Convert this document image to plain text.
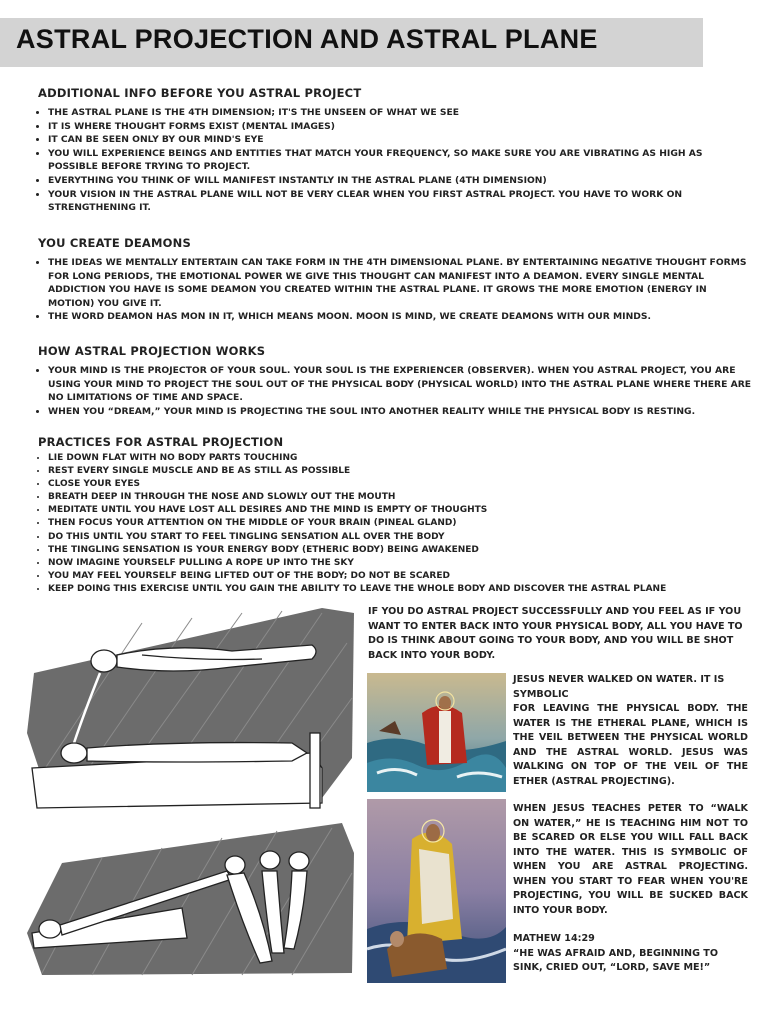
ASTRAL PROJECTION AND ASTRAL PLANE
ADDITIONAL INFO BEFORE YOU ASTRAL PROJECT
• THE ASTRAL PLANE IS THE 4TH DIMENSION; IT'S THE UNSEEN OF WHAT WE SEE
• IT IS WHERE THOUGHT FORMS EXIST (MENTAL IMAGES)
• IT CAN BE SEEN ONLY BY OUR MIND'S EYE
• YOU WILL EXPERIENCE BEINGS AND ENTITIES THAT MATCH YOUR FREQUENCY, SO MAKE SURE YOU ARE VIBRATING AS HIGH AS POSSIBLE BEFORE TRYING TO PROJECT.
• EVERYTHING YOU THINK OF WILL MANIFEST INSTANTLY IN THE ASTRAL PLANE (4TH DIMENSION)
• YOUR VISION IN THE ASTRAL PLANE WILL NOT BE VERY CLEAR WHEN YOU FIRST ASTRAL PROJECT. YOU HAVE TO WORK ON STRENGTHENING IT.
YOU CREATE DEAMONS
• THE IDEAS WE MENTALLY ENTERTAIN CAN TAKE FORM IN THE 4TH DIMENSIONAL PLANE. BY ENTERTAINING NEGATIVE THOUGHT FORMS FOR LONG PERIODS, THE EMOTIONAL POWER WE GIVE THIS THOUGHT CAN MANIFEST INTO A DEAMON. EVERY SINGLE MENTAL ADDICTION YOU HAVE IS SOME DEAMON YOU CREATED WITHIN THE ASTRAL PLANE. IT GROWS THE MORE EMOTION (ENERGY IN MOTION) YOU GIVE IT.
• THE WORD DEAMON HAS MON IN IT, WHICH MEANS MOON. MOON IS MIND, WE CREATE DEAMONS WITH OUR MINDS.
HOW ASTRAL PROJECTION WORKS
• YOUR MIND IS THE PROJECTOR OF YOUR SOUL. YOUR SOUL IS THE EXPERIENCER (OBSERVER). WHEN YOU ASTRAL PROJECT, YOU ARE USING YOUR MIND TO PROJECT THE SOUL OUT OF THE PHYSICAL BODY (PHYSICAL WORLD) INTO THE ASTRAL PLANE WHERE THERE ARE NO LIMITATIONS OF TIME AND SPACE.
• WHEN YOU “DREAM,” YOUR MIND IS PROJECTING THE SOUL INTO ANOTHER REALITY WHILE THE PHYSICAL BODY IS RESTING.
PRACTICES FOR ASTRAL PROJECTION
• LIE DOWN FLAT WITH NO BODY PARTS TOUCHING
• REST EVERY SINGLE MUSCLE AND BE AS STILL AS POSSIBLE
• CLOSE YOUR EYES
• BREATH DEEP IN THROUGH THE NOSE AND SLOWLY OUT THE MOUTH
• MEDITATE UNTIL YOU HAVE LOST ALL DESIRES AND THE MIND IS EMPTY OF THOUGHTS
• THEN FOCUS YOUR ATTENTION ON THE MIDDLE OF YOUR BRAIN (PINEAL GLAND)
• DO THIS UNTIL YOU START TO FEEL TINGLING SENSATION ALL OVER THE BODY
• THE TINGLING SENSATION IS YOUR ENERGY BODY (ETHERIC BODY) BEING AWAKENED
• NOW IMAGINE YOURSELF PULLING A ROPE UP INTO THE SKY
• YOU MAY FEEL YOURSELF BEING LIFTED OUT OF THE BODY; DO NOT BE SCARED
• KEEP DOING THIS EXERCISE UNTIL YOU GAIN THE ABILITY TO LEAVE THE WHOLE BODY AND DISCOVER THE ASTRAL PLANE

IF YOU DO ASTRAL PROJECT SUCCESSFULLY AND YOU FEEL AS IF YOU WANT TO ENTER BACK INTO YOUR PHYSICAL BODY, ALL YOU HAVE TO DO IS THINK ABOUT GOING TO YOUR BODY, AND YOU WILL BE SHOT BACK INTO YOUR BODY.

JESUS NEVER WALKED ON WATER. IT IS SYMBOLIC

FOR LEAVING THE PHYSICAL BODY. THE WATER IS THE ETHERAL PLANE, WHICH IS THE VEIL BETWEEN THE PHYSICAL WORLD AND THE ASTRAL WORLD. JESUS WAS WALKING ON TOP OF THE VEIL OF THE ETHER (ASTRAL PROJECTING).

WHEN JESUS TEACHES PETER TO “WALK ON WATER,” HE IS TEACHING HIM NOT TO BE SCARED OR ELSE YOU WILL FALL BACK INTO THE WATER. THIS IS SYMBOLIC OF WHEN YOU ARE ASTRAL PROJECTING. WHEN YOU START TO FEAR WHEN YOU'RE PROJECTING, YOU WILL BE SUCKED BACK INTO YOUR BODY.

MATHEW 14:29

“HE WAS AFRAID AND, BEGINNING TO SINK, CRIED OUT, “LORD, SAVE ME!”
